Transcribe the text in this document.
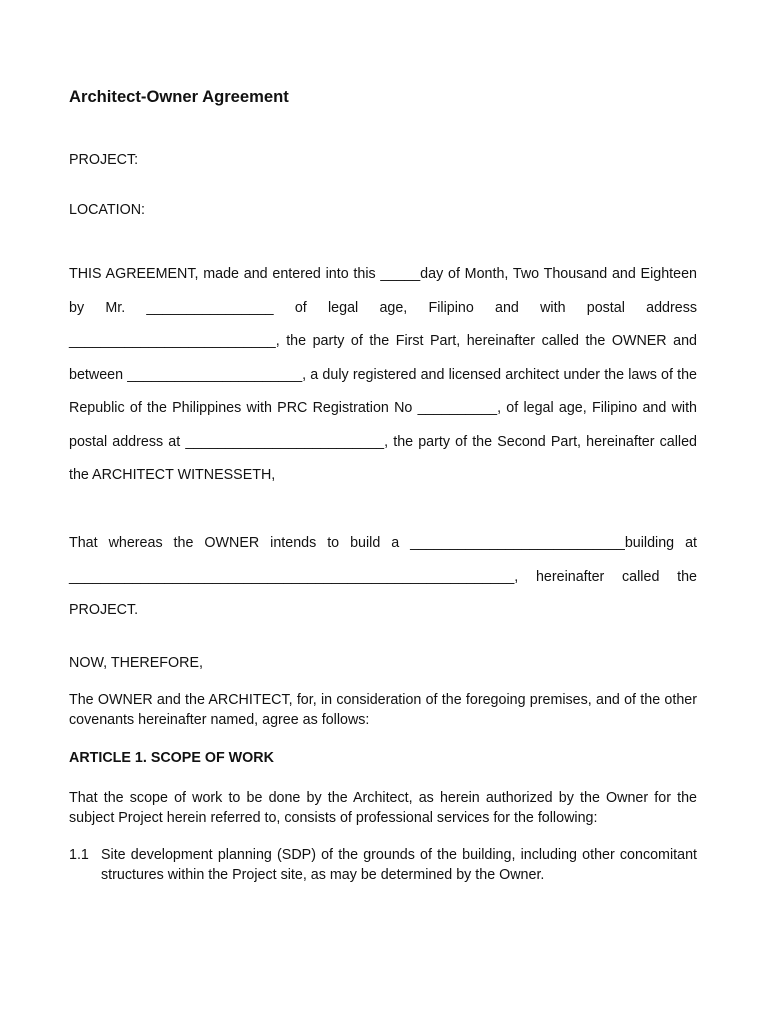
Architect-Owner Agreement
PROJECT:
LOCATION:

THIS AGREEMENT, made and entered into this _____day of Month, Two Thousand and Eighteen by Mr. ________________ of legal age, Filipino and with postal address __________________________, the party of the First Part, hereinafter called the OWNER and between ______________________, a duly registered and licensed architect under the laws of the Republic of the Philippines with PRC Registration No __________, of legal age, Filipino and with postal address at _________________________, the party of the Second Part, hereinafter called the ARCHITECT WITNESSETH,

That whereas the OWNER intends to build a ___________________________building at ________________________________________________________, hereinafter called the PROJECT.

NOW, THEREFORE,

The OWNER and the ARCHITECT, for, in consideration of the foregoing premises, and of the other covenants hereinafter named, agree as follows:

ARTICLE 1. SCOPE OF WORK

That the scope of work to be done by the Architect, as herein authorized by the Owner for the subject Project herein referred to, consists of professional services for the following:

1.1 Site development planning (SDP) of the grounds of the building, including other concomitant structures within the Project site, as may be determined by the Owner.
